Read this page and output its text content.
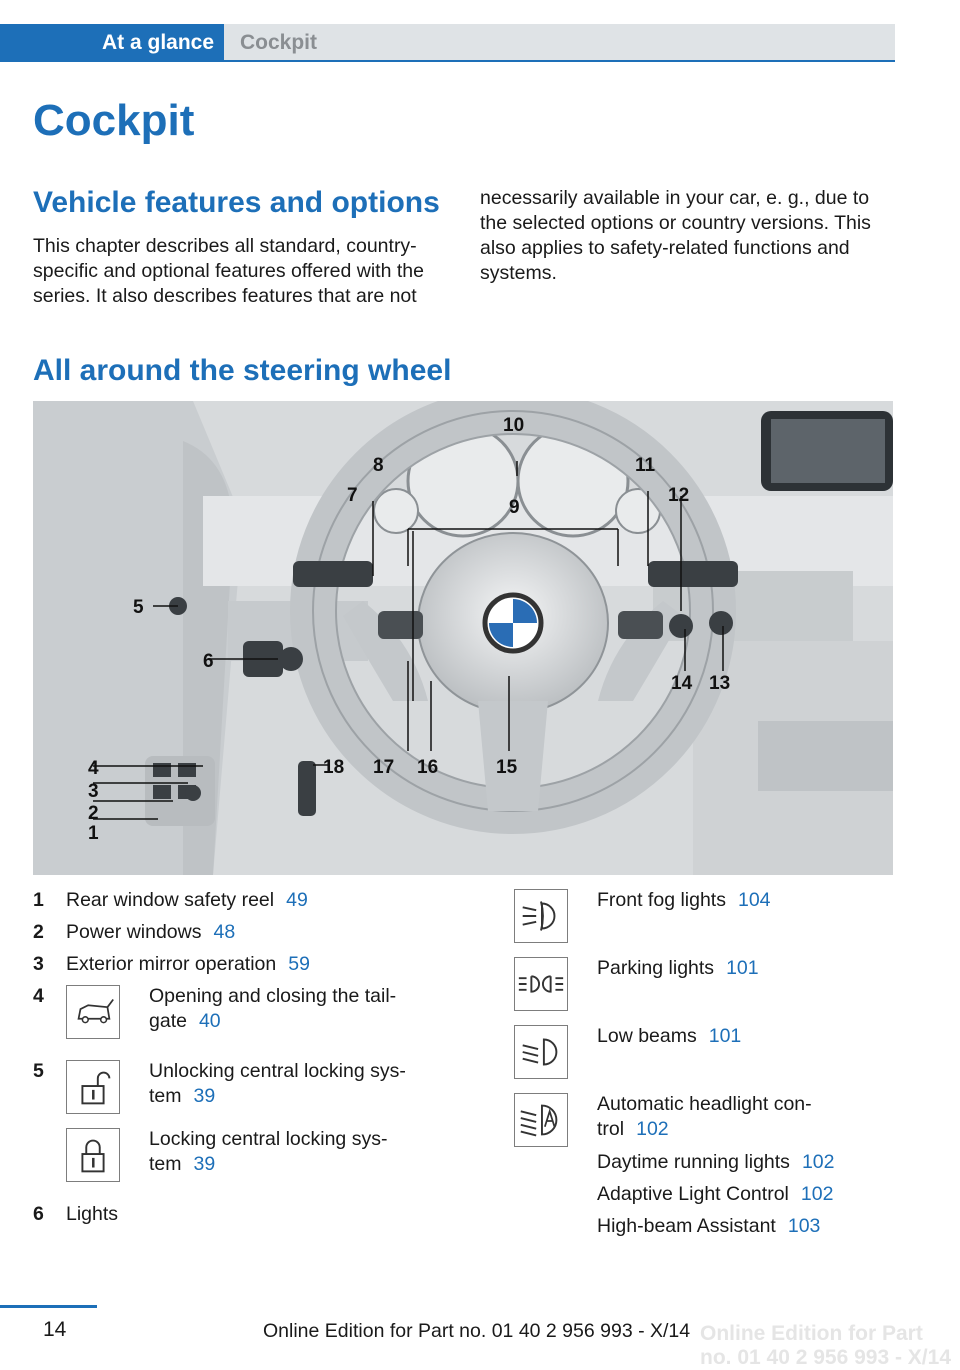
At a glance	Cockpit
Cockpit
Vehicle features and options

This chapter describes all standard, country-specific and optional features offered with the series. It also describes features that are not

necessarily available in your car, e. g., due to the selected options or country versions. This also applies to safety-related functions and systems.

All around the steering wheel
1
2
3
4
5
6
7
8
9
10
11
12
13
14
15
16
17
18
1 Rear window safety reel 49
2 Power windows 48
3 Exterior mirror operation 59
4	Opening and closing the tail-
gate 40
5	Unlocking central locking sys-
tem 39
Locking central locking sys-
tem 39
6 Lights
Front fog lights 104
Parking lights 101
Low beams 101
Automatic headlight con-
trol 102
Daytime running lights 102
Adaptive Light Control 102
High-beam Assistant 103
14	Online Edition for Part no. 01 40 2 956 993 - X/14
Online Edition for Part no. 01 40 2 956 993 - X/14
